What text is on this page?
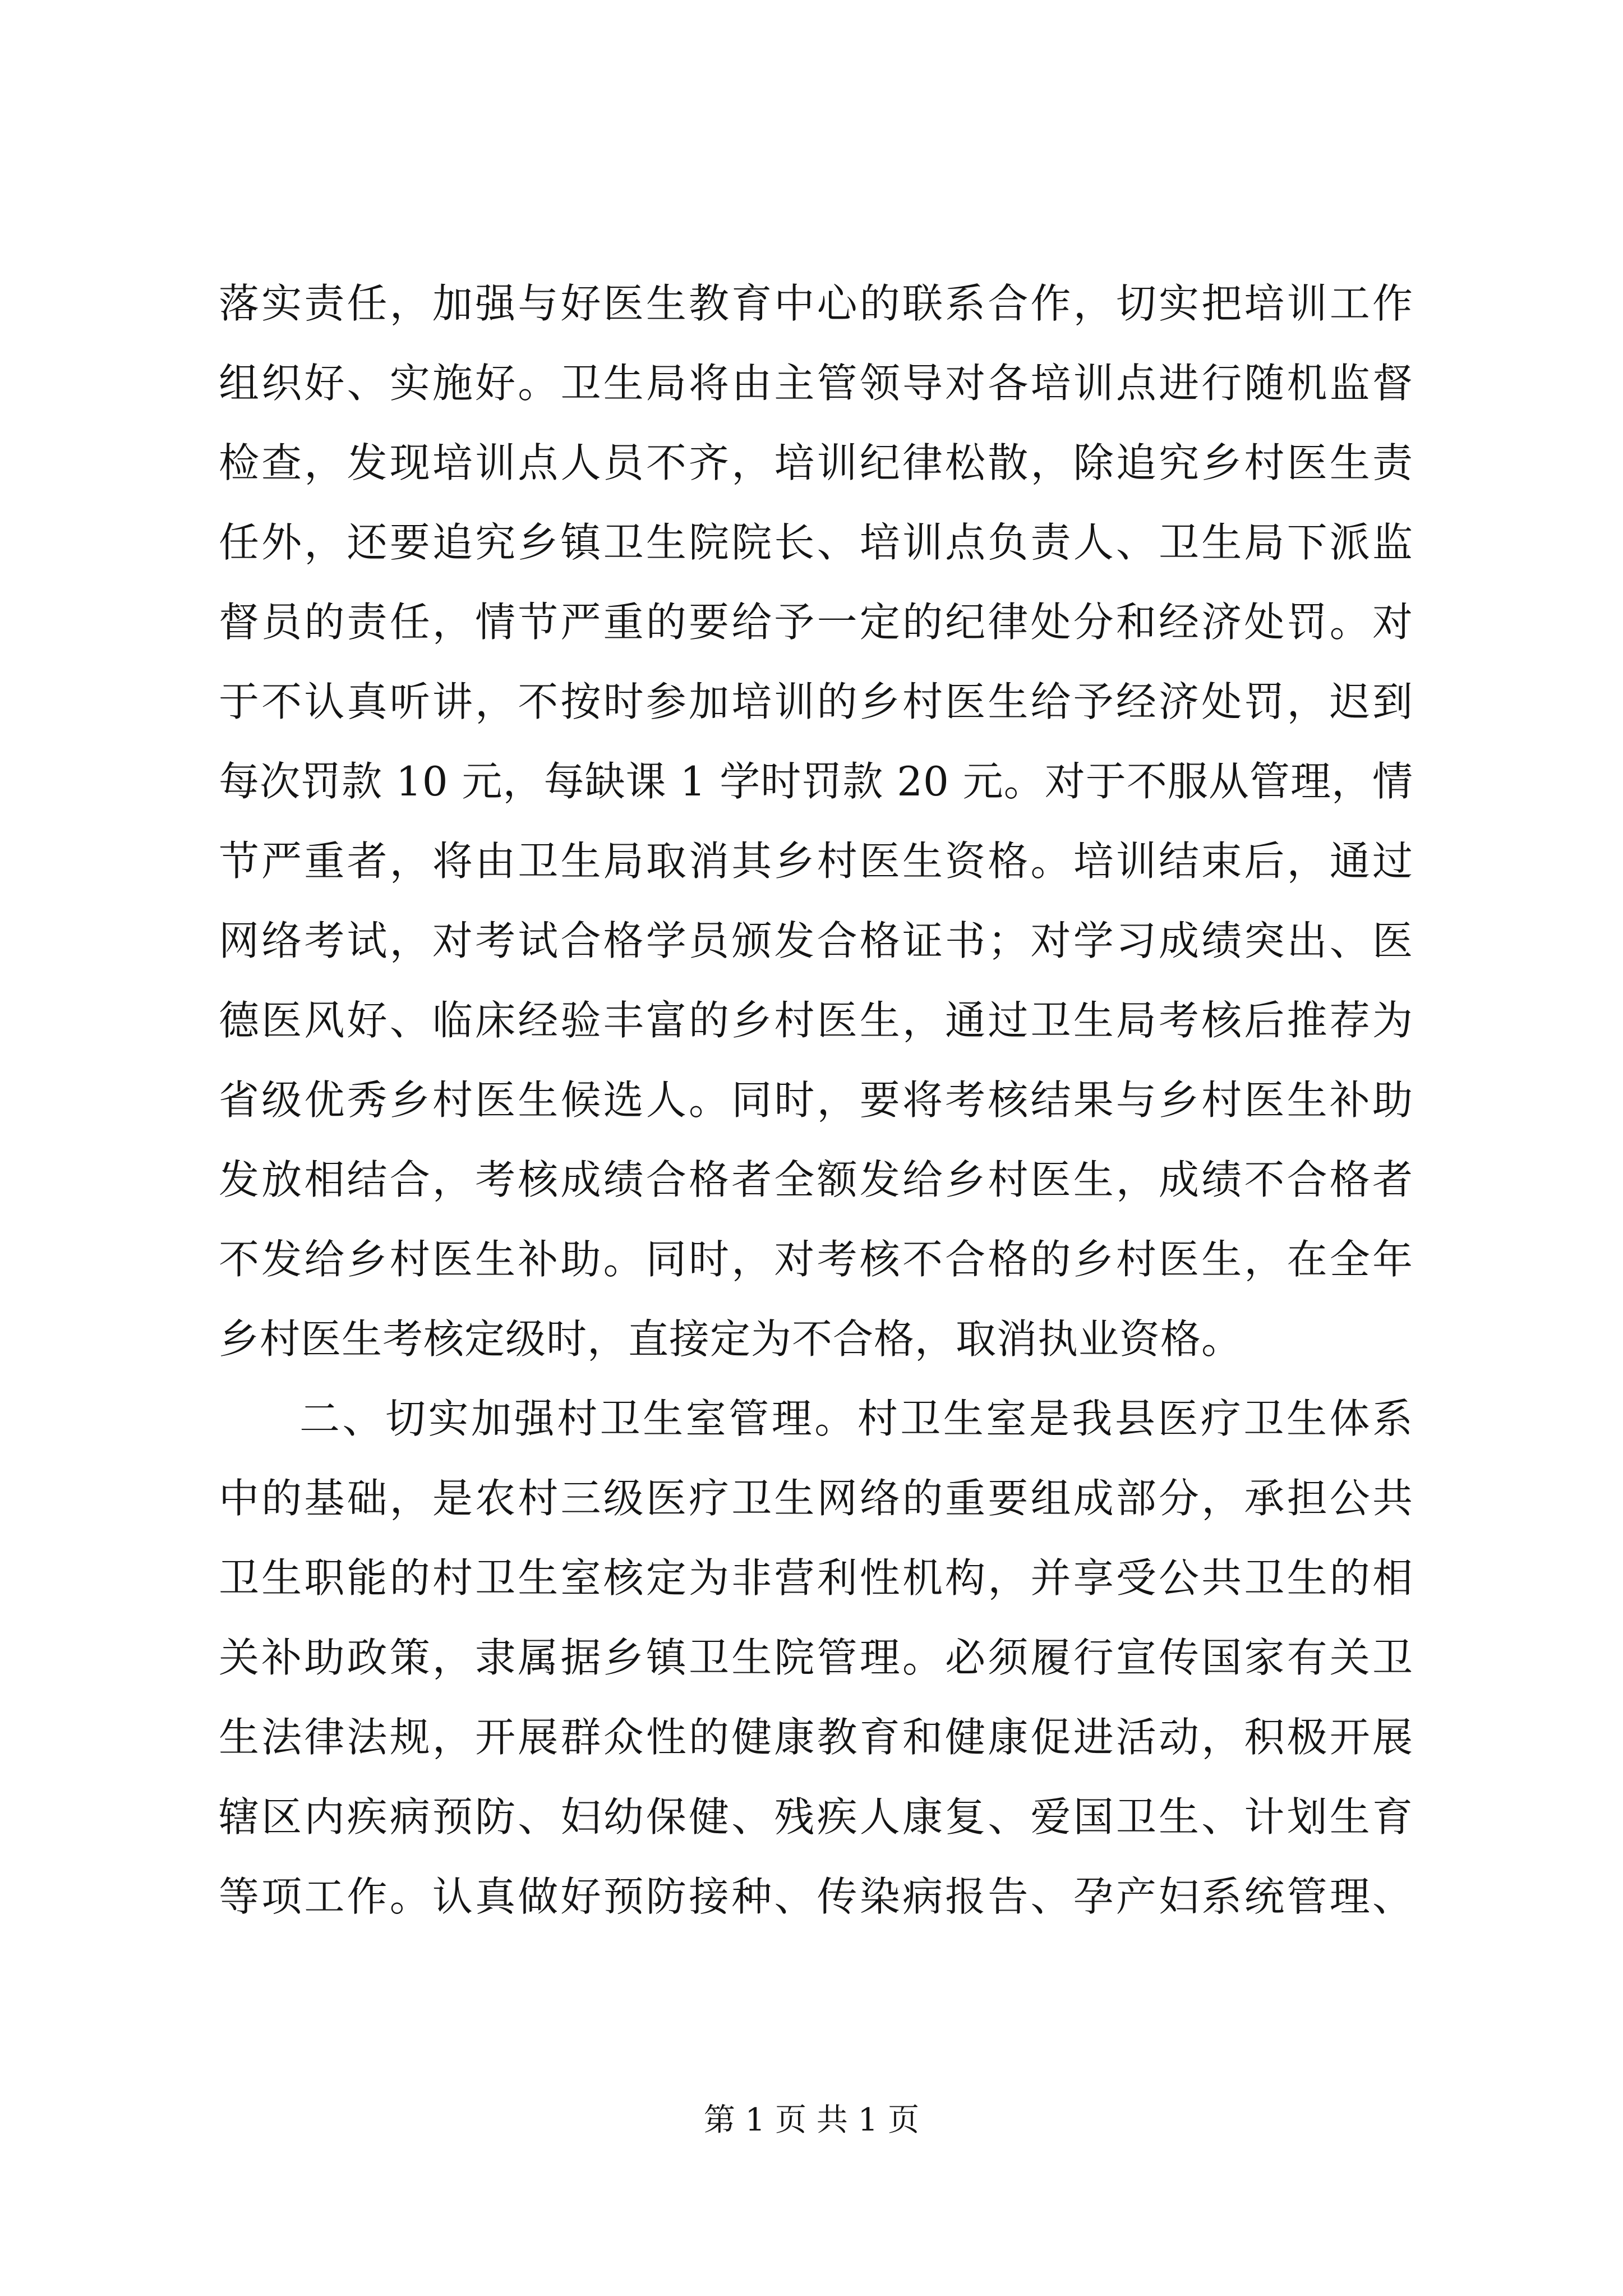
落实责任，加强与好医生教育中心的联系合作，切实把培训工作
组织好、实施好。卫生局将由主管领导对各培训点进行随机监督
检查，发现培训点人员不齐，培训纪律松散，除追究乡村医生责
任外，还要追究乡镇卫生院院长、培训点负责人、卫生局下派监
督员的责任，情节严重的要给予一定的纪律处分和经济处罚。对
于不认真听讲，不按时参加培训的乡村医生给予经济处罚，迟到
每次罚款 10 元，每缺课 1 学时罚款 20 元。对于不服从管理，情
节严重者，将由卫生局取消其乡村医生资格。培训结束后，通过
网络考试，对考试合格学员颁发合格证书；对学习成绩突出、医
德医风好、临床经验丰富的乡村医生，通过卫生局考核后推荐为
省级优秀乡村医生候选人。同时，要将考核结果与乡村医生补助
发放相结合，考核成绩合格者全额发给乡村医生，成绩不合格者
不发给乡村医生补助。同时，对考核不合格的乡村医生，在全年
乡村医生考核定级时，直接定为不合格，取消执业资格。
二、切实加强村卫生室管理。村卫生室是我县医疗卫生体系
中的基础，是农村三级医疗卫生网络的重要组成部分，承担公共
卫生职能的村卫生室核定为非营利性机构，并享受公共卫生的相
关补助政策，隶属据乡镇卫生院管理。必须履行宣传国家有关卫
生法律法规，开展群众性的健康教育和健康促进活动，积极开展
辖区内疾病预防、妇幼保健、残疾人康复、爱国卫生、计划生育
等项工作。认真做好预防接种、传染病报告、孕产妇系统管理、
第 1 页 共 1 页
